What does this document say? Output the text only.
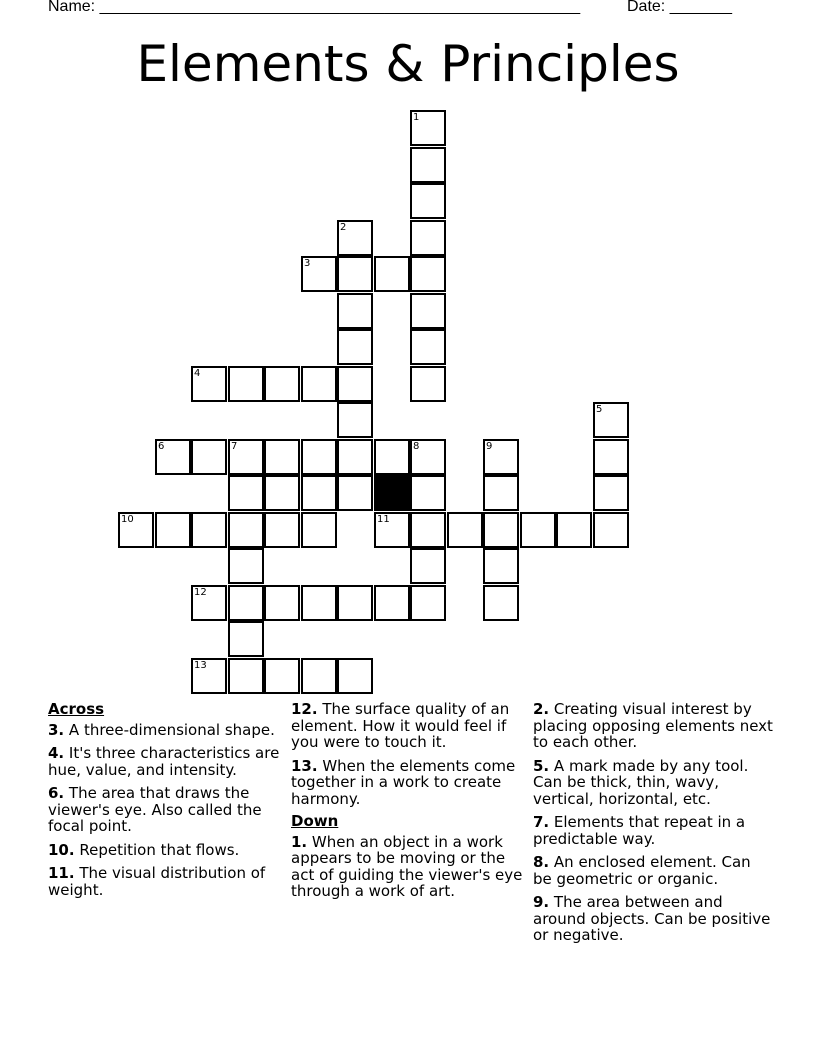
Name: ______________________________________________________	Date: _______
Elements & Principles
1
2
3
4
5
6	7	8	9
10	11
12
13
Across
3. A three-dimensional shape.
4. It's three characteristics are hue, value, and intensity.
6. The area that draws the viewer's eye. Also called the focal point.
10. Repetition that flows.
11. The visual distribution of weight.
12. The surface quality of an element. How it would feel if you were to touch it.
13. When the elements come together in a work to create harmony.
Down
1. When an object in a work appears to be moving or the act of guiding the viewer's eye through a work of art.
2. Creating visual interest by placing opposing elements next to each other.
5. A mark made by any tool. Can be thick, thin, wavy, vertical, horizontal, etc.
7. Elements that repeat in a predictable way.
8. An enclosed element. Can be geometric or organic.
9. The area between and around objects. Can be positive or negative.
